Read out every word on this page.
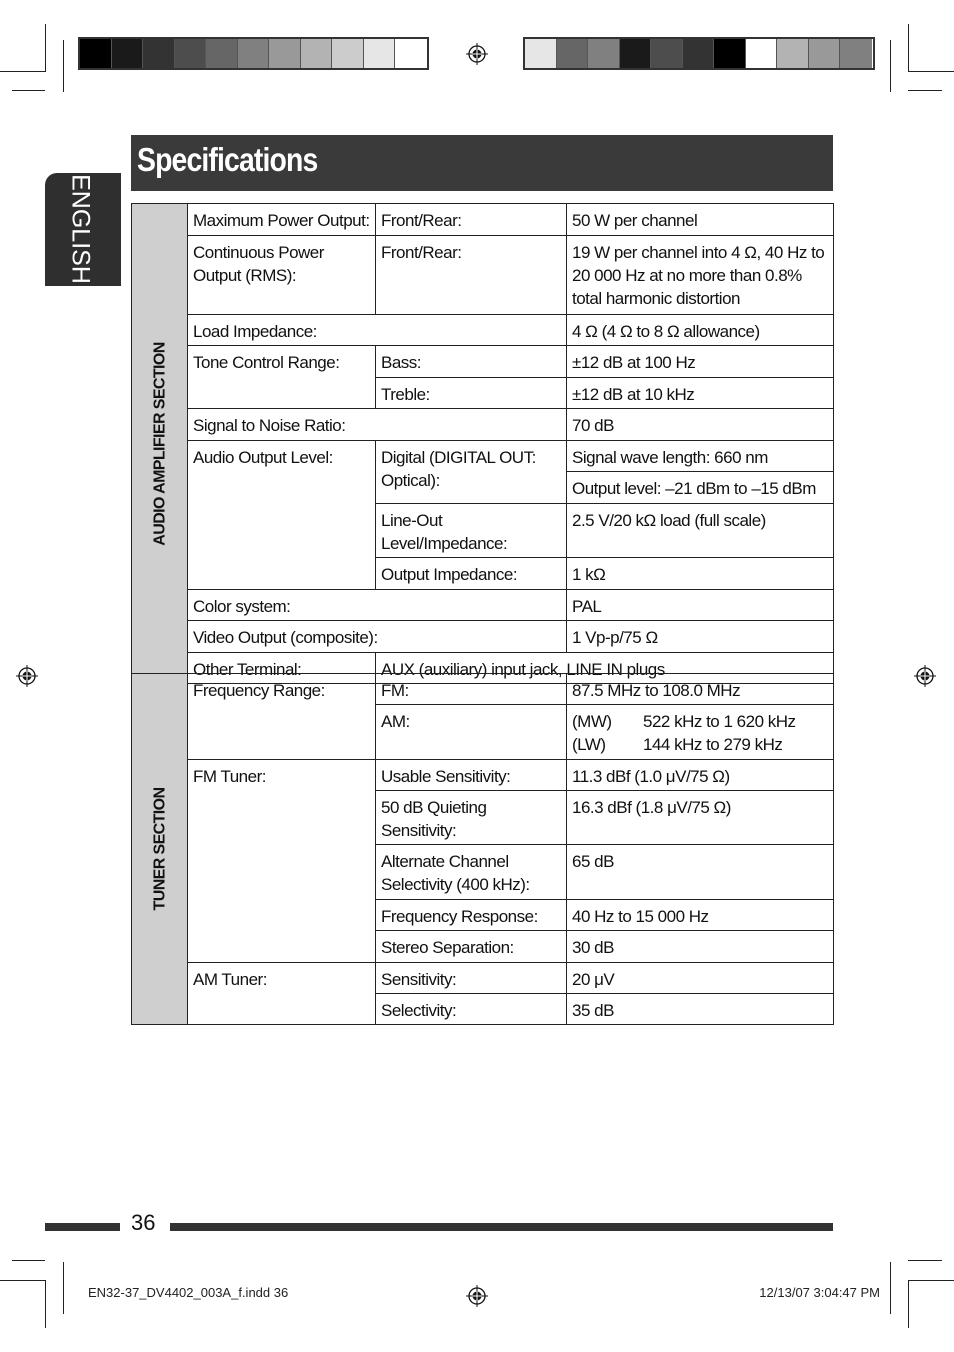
Specifications
ENGLISH
AUDIO AMPLIFIER SECTION	Maximum Power Output:	Front/Rear:	50 W per channel
	Continuous Power Output (RMS):	Front/Rear:	19 W per channel into 4 Ω, 40 Hz to 20 000 Hz at no more than 0.8% total harmonic distortion
	Load Impedance:		4 Ω (4 Ω to 8 Ω allowance)
	Tone Control Range:	Bass:	±12 dB at 100 Hz
		Treble:	±12 dB at 10 kHz
	Signal to Noise Ratio:		70 dB
	Audio Output Level:	Digital (DIGITAL OUT: Optical):	Signal wave length: 660 nm
			Output level: –21 dBm to –15 dBm
		Line-Out Level/Impedance:	2.5 V/20 kΩ load (full scale)
		Output Impedance:	1 kΩ
	Color system:		PAL
	Video Output (composite):		1 Vp-p/75 Ω
	Other Terminal:	AUX (auxiliary) input jack, LINE IN plugs	
TUNER SECTION	Frequency Range:	FM:	87.5 MHz to 108.0 MHz
		AM:	(MW) 522 kHz to 1 620 kHz
(LW) 144 kHz to 279 kHz

	FM Tuner:	Usable Sensitivity:	11.3 dBf (1.0 μV/75 Ω)
		50 dB Quieting Sensitivity:	16.3 dBf (1.8 μV/75 Ω)
		Alternate Channel Selectivity (400 kHz):	65 dB
		Frequency Response:	40 Hz to 15 000 Hz
		Stereo Separation:	30 dB
	AM Tuner:	Sensitivity:	20 μV
		Selectivity:	35 dB
36
EN32-37_DV4402_003A_f.indd 36	12/13/07 3:04:47 PM
